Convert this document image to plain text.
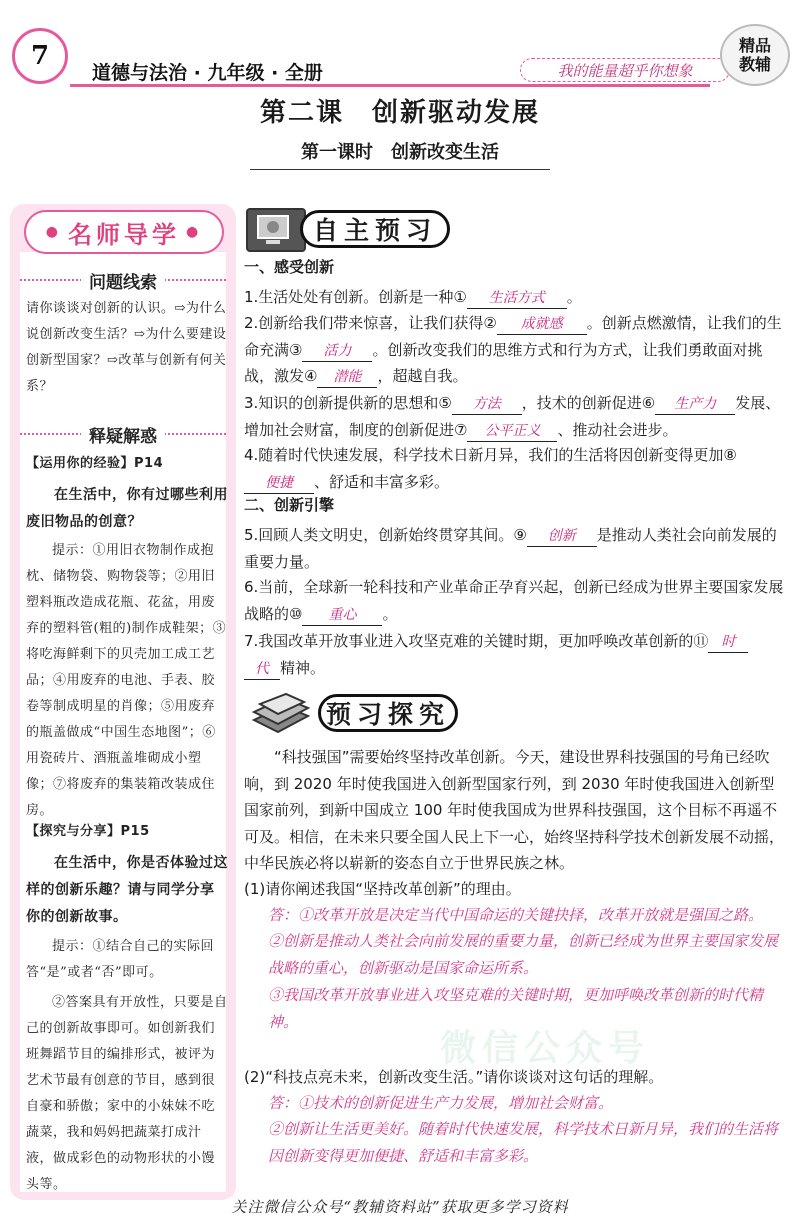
7
道德与法治 · 九年级 · 全册	我的能量超乎你想象
精品
教辅
第二课　创新驱动发展
第一课时　创新改变生活
● 名师导学 ●
问题线索
请你谈谈对创新的认识。⇨为什么说创新改变生活？⇨为什么要建设创新型国家？⇨改革与创新有何关系？
释疑解惑
【运用你的经验】P14
在生活中，你有过哪些利用废旧物品的创意？
提示：①用旧衣物制作成抱枕、储物袋、购物袋等；②用旧塑料瓶改造成花瓶、花盆，用废弃的塑料管(粗的)制作成鞋架；③将吃海鲜剩下的贝壳加工成工艺品；④用废弃的电池、手表、胶卷等制成明星的肖像；⑤用废弃的瓶盖做成“中国生态地图”；⑥用瓷砖片、酒瓶盖堆砌成小塑像；⑦将废弃的集装箱改装成住房。
【探究与分享】P15
在生活中，你是否体验过这样的创新乐趣？请与同学分享你的创新故事。
提示：①结合自己的实际回答“是”或者“否”即可。
②答案具有开放性，只要是自己的创新故事即可。如创新我们班舞蹈节目的编排形式，被评为艺术节最有创意的节目，感到很自豪和骄傲；家中的小妹妹不吃蔬菜，我和妈妈把蔬菜打成汁液，做成彩色的动物形状的小馒头等。
自主预习
一、感受创新
1.生活处处有创新。创新是一种① 生活方式 。
2.创新给我们带来惊喜，让我们获得② 成就感 。创新点燃激情，让我们的生命充满③ 活力 。创新改变我们的思维方式和行为方式，让我们勇敢面对挑战，激发④ 潜能 ，超越自我。
3.知识的创新提供新的思想和⑤ 方法 ，技术的创新促进⑥ 生产力 发展、增加社会财富，制度的创新促进⑦ 公平正义 、推动社会进步。
4.随着时代快速发展，科学技术日新月异，我们的生活将因创新变得更加⑧便捷 、舒适和丰富多彩。
二、创新引擎
5.回顾人类文明史，创新始终贯穿其间。⑨ 创新 是推动人类社会向前发展的重要力量。
6.当前，全球新一轮科技和产业革命正孕育兴起，创新已经成为世界主要国家发展战略的⑩ 重心 。
7.我国改革开放事业进入攻坚克难的关键时期，更加呼唤改革创新的⑪ 时
代 精神。
预习探究
“科技强国”需要始终坚持改革创新。今天，建设世界科技强国的号角已经吹响，到 2020 年时使我国进入创新型国家行列，到 2030 年时使我国进入创新型国家前列，到新中国成立 100 年时使我国成为世界科技强国，这个目标不再遥不可及。相信，在未来只要全国人民上下一心，始终坚持科学技术创新发展不动摇，中华民族必将以崭新的姿态自立于世界民族之林。
(1)请你阐述我国“坚持改革创新”的理由。
答：①改革开放是决定当代中国命运的关键抉择，改革开放就是强国之路。
②创新是推动人类社会向前发展的重要力量，创新已经成为世界主要国家发展战略的重心，创新驱动是国家命运所系。
③我国改革开放事业进入攻坚克难的关键时期，更加呼唤改革创新的时代精神。
微信公众号
(2)“科技点亮未来，创新改变生活。”请你谈谈对这句话的理解。
答：①技术的创新促进生产力发展，增加社会财富。
②创新让生活更美好。随着时代快速发展，科学技术日新月异，我们的生活将因创新变得更加便捷、舒适和丰富多彩。
关注微信公众号“教辅资料站”获取更多学习资料
